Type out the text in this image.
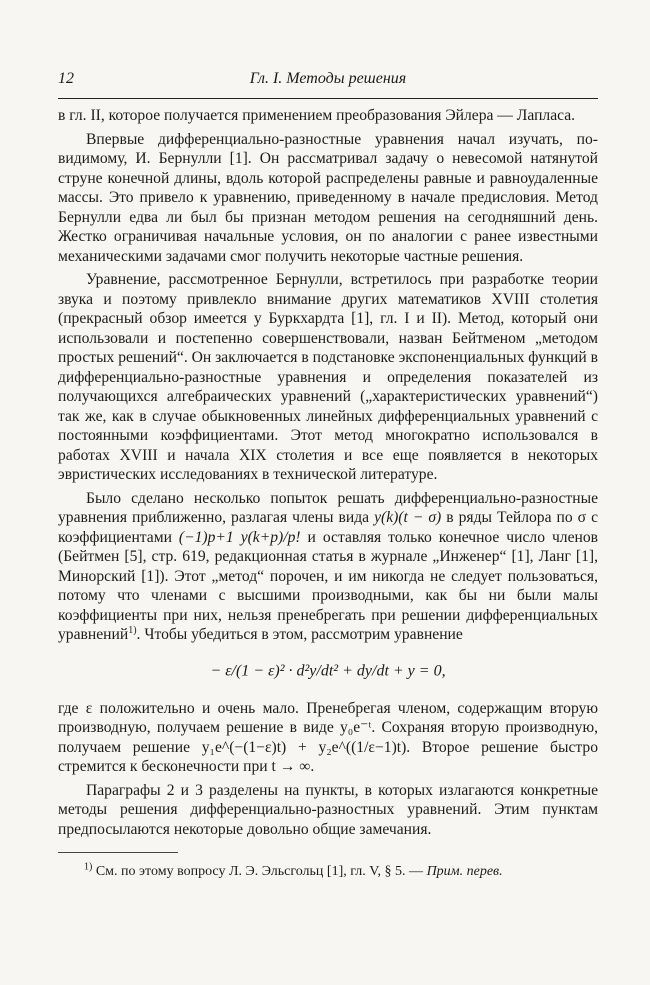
12	Гл. I. Методы решения

в гл. II, которое получается применением преобразования Эйлера — Лапласа.

Впервые дифференциально-разностные уравнения начал изучать, по-видимому, И. Бернулли [1]. Он рассматривал задачу о невесомой натянутой струне конечной длины, вдоль которой распределены равные и равноудаленные массы. Это привело к уравнению, приведенному в начале предисловия. Метод Бернулли едва ли был бы признан методом решения на сегодняшний день. Жестко ограничивая начальные условия, он по аналогии с ранее известными механическими задачами смог получить некоторые частные решения.

Уравнение, рассмотренное Бернулли, встретилось при разработке теории звука и поэтому привлекло внимание других математиков XVIII столетия (прекрасный обзор имеется у Буркхардта [1], гл. I и II). Метод, который они использовали и постепенно совершенствовали, назван Бейтменом „методом простых решений“. Он заключается в подстановке экспоненциальных функций в дифференциально-разностные уравнения и определения показателей из получающихся алгебраических уравнений („характеристических уравнений“) так же, как в случае обыкновенных линейных дифференциальных уравнений с постоянными коэффициентами. Этот метод многократно использовался в работах XVIII и начала XIX столетия и все еще появляется в некоторых эвристических исследованиях в технической литературе.

Было сделано несколько попыток решать дифференциально-разностные уравнения приближенно, разлагая члены вида y(k)(t − σ) в ряды Тейлора по σ с коэффициентами (−1)p+1 y(k+p)/p! и оставляя только конечное число членов (Бейтмен [5], стр. 619, редакционная статья в журнале „Инженер“ [1], Ланг [1], Минорский [1]). Этот „метод“ порочен, и им никогда не следует пользоваться, потому что членами с высшими производными, как бы ни были малы коэффициенты при них, нельзя пренебрегать при решении дифференциальных уравнений$^{1)}$. Чтобы убедиться в этом, рассмотрим уравнение

− ε/(1 − ε)² · d²y/dt² + dy/dt + y = 0,

где ε положительно и очень мало. Пренебрегая членом, содержащим вторую производную, получаем решение в виде y₀e⁻ᵗ. Сохраняя вторую производную, получаем решение y₁e^(−(1−ε)t) + y₂e^((1/ε−1)t). Второе решение быстро стремится к бесконечности при t → ∞.

Параграфы 2 и 3 разделены на пункты, в которых излагаются конкретные методы решения дифференциально-разностных уравнений. Этим пунктам предпосылаются некоторые довольно общие замечания.

$^{1)}$ См. по этому вопросу Л. Э. Эльсгольц [1], гл. V, § 5. — Прим. перев.
